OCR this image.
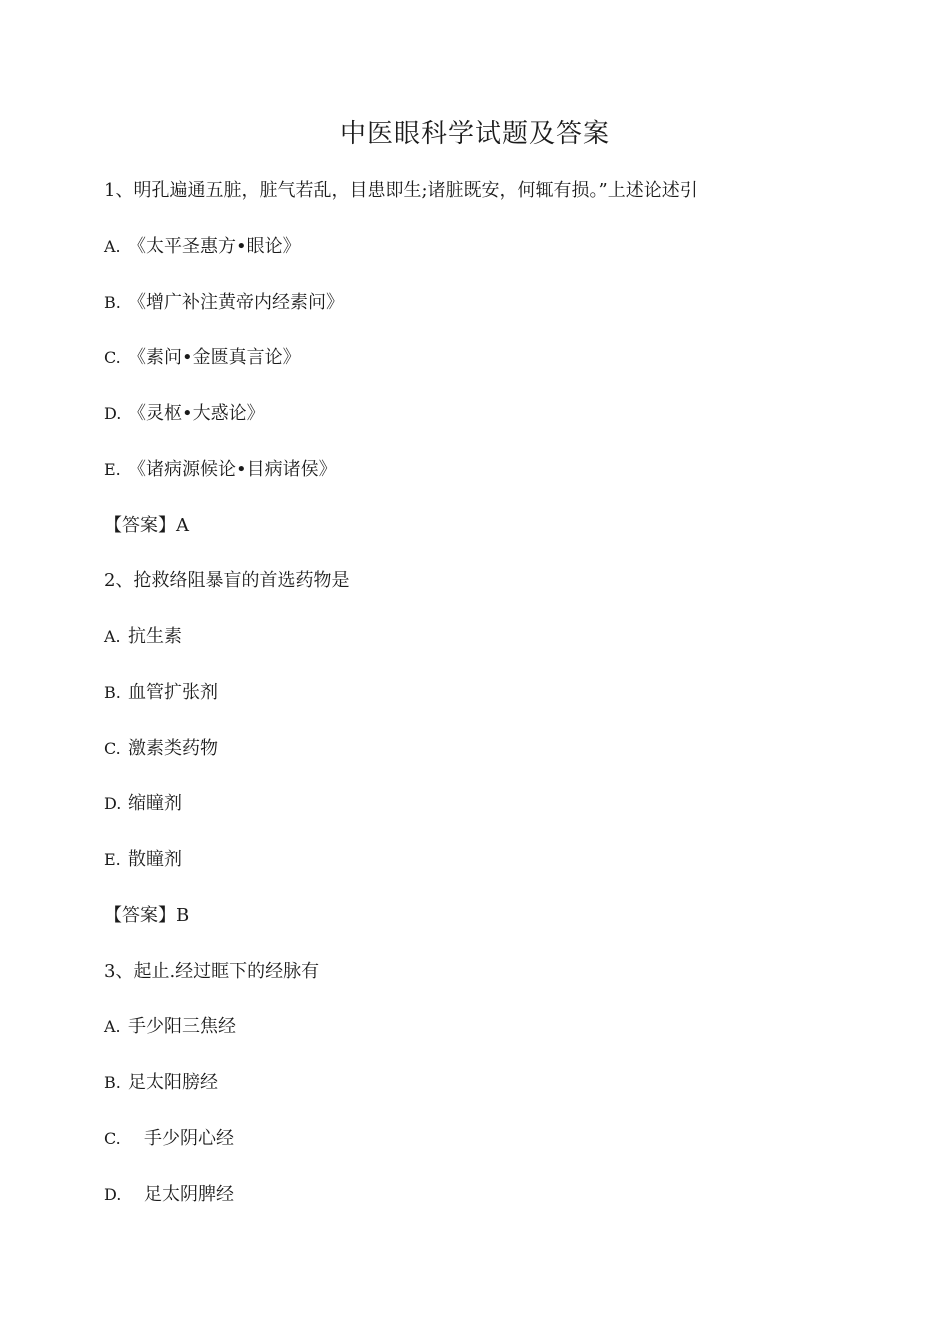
中医眼科学试题及答案
1、明孔遍通五脏，脏气若乱，目患即生;诸脏既安，何辄有损。”上述论述引
A. 《太平圣惠方•眼论》
B. 《增广补注黄帝内经素问》
C. 《素问•金匮真言论》
D. 《灵枢•大惑论》
E. 《诸病源候论•目病诸侯》
【答案】A
2、抢救络阻暴盲的首选药物是
A. 抗生素
B. 血管扩张剂
C. 激素类药物
D. 缩瞳剂
E. 散瞳剂
【答案】B
3、起止.经过眶下的经脉有
A. 手少阳三焦经
B. 足太阳膀经
C. 手少阴心经
D. 足太阴脾经
